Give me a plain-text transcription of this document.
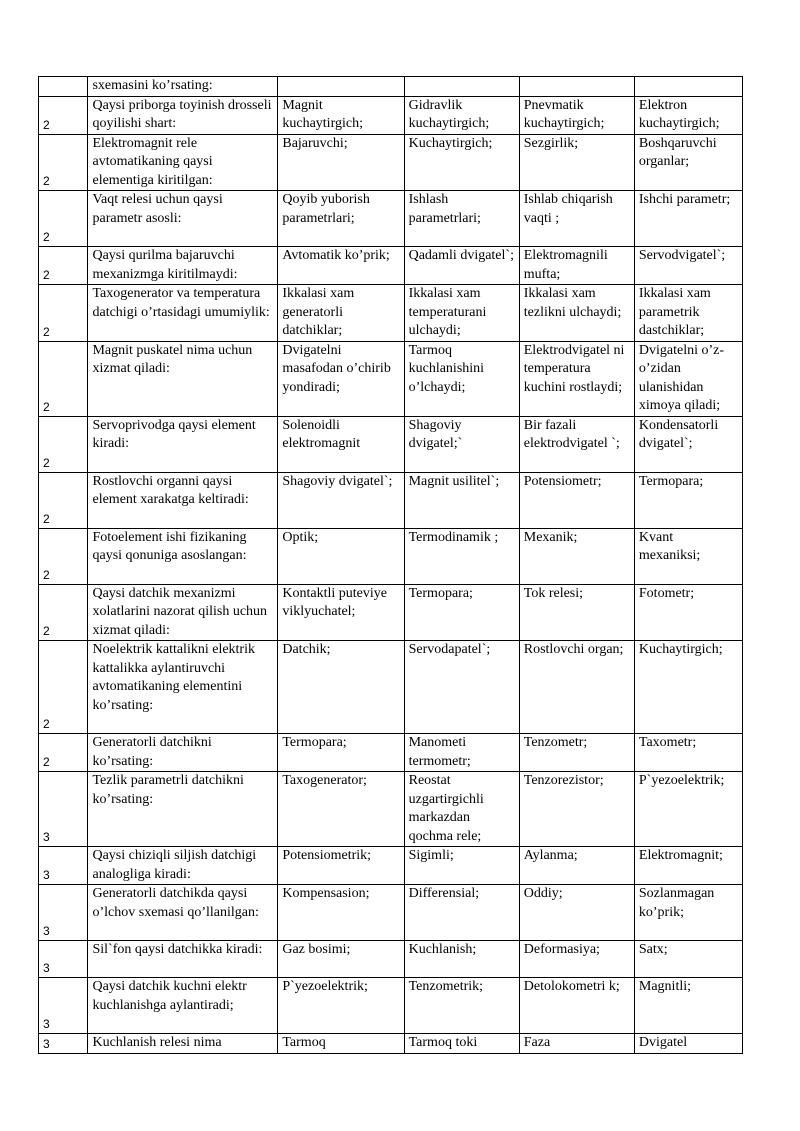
	sxemasini ko’rsating:				
2	Qaysi priborga toyinish drosseli qoyilishi shart:	Magnit kuchaytirgich;	Gidravlik kuchaytirgich;	Pnevmatik kuchaytirgich;	Elektron kuchaytirgich;
2	Elektromagnit rele avtomatikaning qaysi elementiga kiritilgan:	Bajaruvchi;	Kuchaytirgich;	Sezgirlik;	Boshqaruvchi organlar;
2	Vaqt relesi uchun qaysi parametr asosli:	Qoyib yuborish parametrlari;	Ishlash parametrlari;	Ishlab chiqarish vaqti ;	Ishchi parametr;
2	Qaysi qurilma bajaruvchi mexanizmga kiritilmaydi:	Avtomatik ko’prik;	Qadamli dvigatel`;	Elektromagnili mufta;	Servodvigatel`;
2	Taxogenerator va temperatura datchigi o’rtasidagi umumiylik:	Ikkalasi xam generatorli datchiklar;	Ikkalasi xam temperaturani ulchaydi;	Ikkalasi xam tezlikni ulchaydi;	Ikkalasi xam parametrik dastchiklar;
2	Magnit puskatel nima uchun xizmat qiladi:	Dvigatelni masafodan o’chirib yondiradi;	Tarmoq kuchlanishini o’lchaydi;	Elektrodvigatel ni temperatura kuchini rostlaydi;	Dvigatelni o’z-o’zidan ulanishidan ximoya qiladi;
2	Servoprivodga qaysi element kiradi:	Solenoidli elektromagnit	Shagoviy dvigatel;`	Bir fazali elektrodvigatel `;	Kondensatorli dvigatel`;
2	Rostlovchi organni qaysi element xarakatga keltiradi:	Shagoviy dvigatel`;	Magnit usilitel`;	Potensiometr;	Termopara;
2	Fotoelement ishi fizikaning qaysi qonuniga asoslangan:	Optik;	Termodinamik ;	Mexanik;	Kvant mexaniksi;
2	Qaysi datchik mexanizmi xolatlarini nazorat qilish uchun xizmat qiladi:	Kontaktli puteviye viklyuchatel;	Termopara;	Tok relesi;	Fotometr;
2	Noelektrik kattalikni elektrik kattalikka aylantiruvchi avtomatikaning elementini ko’rsating:	Datchik;	Servodapatel`;	Rostlovchi organ;	Kuchaytirgich;
2	Generatorli datchikni ko’rsating:	Termopara;	Manometi termometr;	Tenzometr;	Taxometr;
3	Tezlik parametrli datchikni ko’rsating:	Taxogenerator;	Reostat uzgartirgichli markazdan qochma rele;	Tenzorezistor;	P`yezoelektrik;
3	Qaysi chiziqli siljish datchigi analogliga kiradi:	Potensiometrik;	Sigimli;	Aylanma;	Elektromagnit;
3	Generatorli datchikda qaysi o’lchov sxemasi qo’llanilgan:	Kompensasion;	Differensial;	Oddiy;	Sozlanmagan ko’prik;
3	Sil`fon qaysi datchikka kiradi:	Gaz bosimi;	Kuchlanish;	Deformasiya;	Satx;
3	Qaysi datchik kuchni elektr kuchlanishga aylantiradi;	P`yezoelektrik;	Tenzometrik;	Detolokometri k;	Magnitli;
3	Kuchlanish relesi nima	Tarmoq	Tarmoq toki	Faza	Dvigatel
